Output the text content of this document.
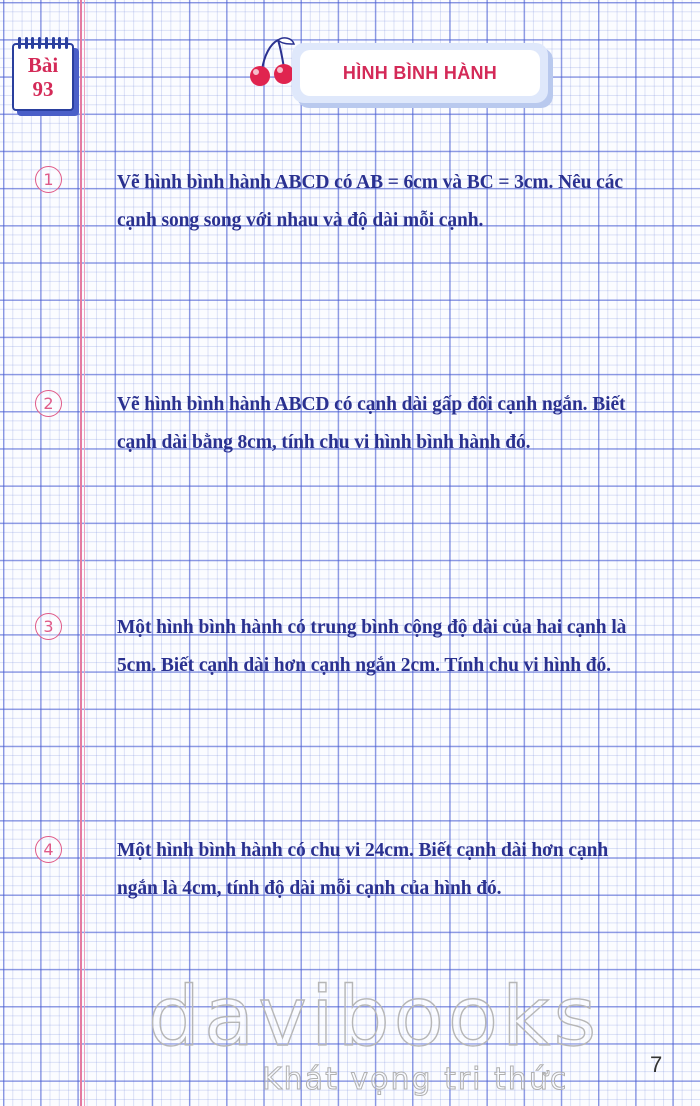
Bài
93
HÌNH BÌNH HÀNH
1	Vẽ hình bình hành ABCD có AB = 6cm và BC = 3cm. Nêu các
cạnh song song với nhau và độ dài mỗi cạnh.
2	Vẽ hình bình hành ABCD có cạnh dài gấp đôi cạnh ngắn. Biết
cạnh dài bằng 8cm, tính chu vi hình bình hành đó.
3	Một hình bình hành có trung bình cộng độ dài của hai cạnh là
5cm. Biết cạnh dài hơn cạnh ngắn 2cm. Tính chu vi hình đó.
4	Một hình bình hành có chu vi 24cm. Biết cạnh dài hơn cạnh
ngắn là 4cm, tính độ dài mỗi cạnh của hình đó.
davibooks
Khát vọng tri thức	7
